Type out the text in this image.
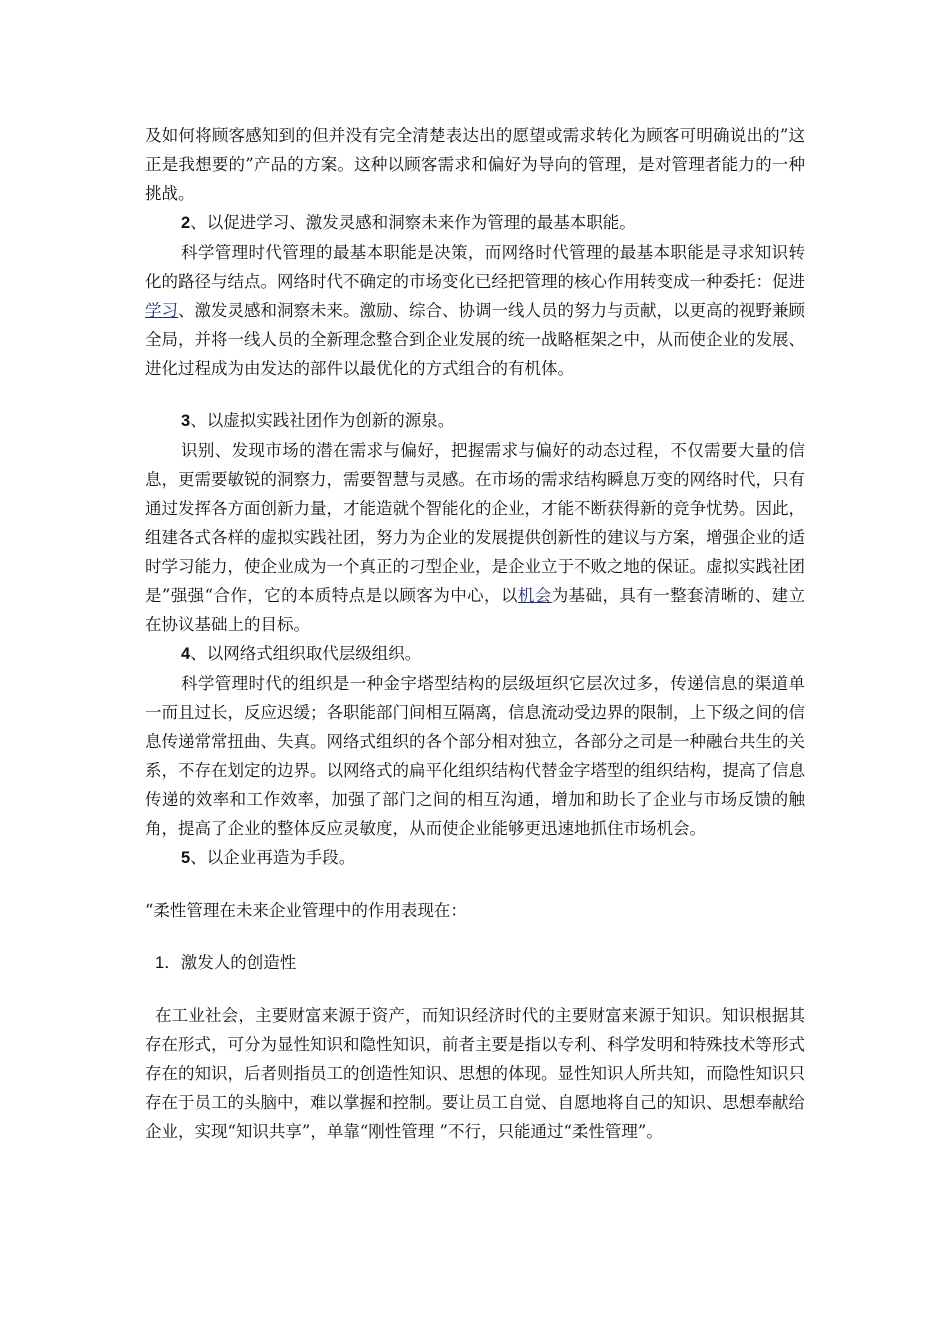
及如何将顾客感知到的但并没有完全清楚表达出的愿望或需求转化为顾客可明确说出的”这正是我想要的”产品的方案。这种以顾客需求和偏好为导向的管理，是对管理者能力的一种挑战。

2、以促进学习、激发灵感和洞察未来作为管理的最基本职能。

科学管理时代管理的最基本职能是决策，而网络时代管理的最基本职能是寻求知识转化的路径与结点。网络时代不确定的市场变化已经把管理的核心作用转变成一种委托：促进学习、激发灵感和洞察未来。激励、综合、协调一线人员的努力与贡献，以更高的视野兼顾全局，并将一线人员的全新理念整合到企业发展的统一战略框架之中，从而使企业的发展、进化过程成为由发达的部件以最优化的方式组合的有机体。

3、以虚拟实践社团作为创新的源泉。

识别、发现市场的潜在需求与偏好，把握需求与偏好的动态过程，不仅需要大量的信息，更需要敏锐的洞察力，需要智慧与灵感。在市场的需求结构瞬息万变的网络时代，只有通过发挥各方面创新力量，才能造就个智能化的企业，才能不断获得新的竞争忧势。因此，组建各式各样的虚拟实践社团，努力为企业的发展提供创新性的建议与方案，增强企业的适时学习能力，使企业成为一个真正的刁型企业，是企业立于不败之地的保证。虚拟实践社团是”强强“合作，它的本质特点是以顾客为中心，以机会为基础，具有一整套清晰的、建立在协议基础上的目标。

4、以网络式组织取代层级组织。

科学管理时代的组织是一种金宇塔型结构的层级垣织它层次过多，传递信息的渠道单一而且过长，反应迟缓；各职能部门间相互隔离，信息流动受边界的限制，上下级之间的信息传递常常扭曲、失真。网络式组织的各个部分相对独立，各部分之司是一种融台共生的关系，不存在划定的边界。以网络式的扁平化组织结构代替金字塔型的组织结构，提高了信息传递的效率和工作效率，加强了部门之间的相互沟通，增加和助长了企业与市场反馈的触角，提高了企业的整体反应灵敏度，从而使企业能够更迅速地抓住市场机会。

5、以企业再造为手段。

“柔性管理在未来企业管理中的作用表现在：

1．激发人的创造性

在工业社会，主要财富来源于资产，而知识经济时代的主要财富来源于知识。知识根据其存在形式，可分为显性知识和隐性知识，前者主要是指以专利、科学发明和特殊技术等形式存在的知识，后者则指员工的创造性知识、思想的体现。显性知识人所共知，而隐性知识只存在于员工的头脑中，难以掌握和控制。要让员工自觉、自愿地将自己的知识、思想奉献给企业，实现“知识共享”，单靠“刚性管理 ”不行，只能通过“柔性管理”。
